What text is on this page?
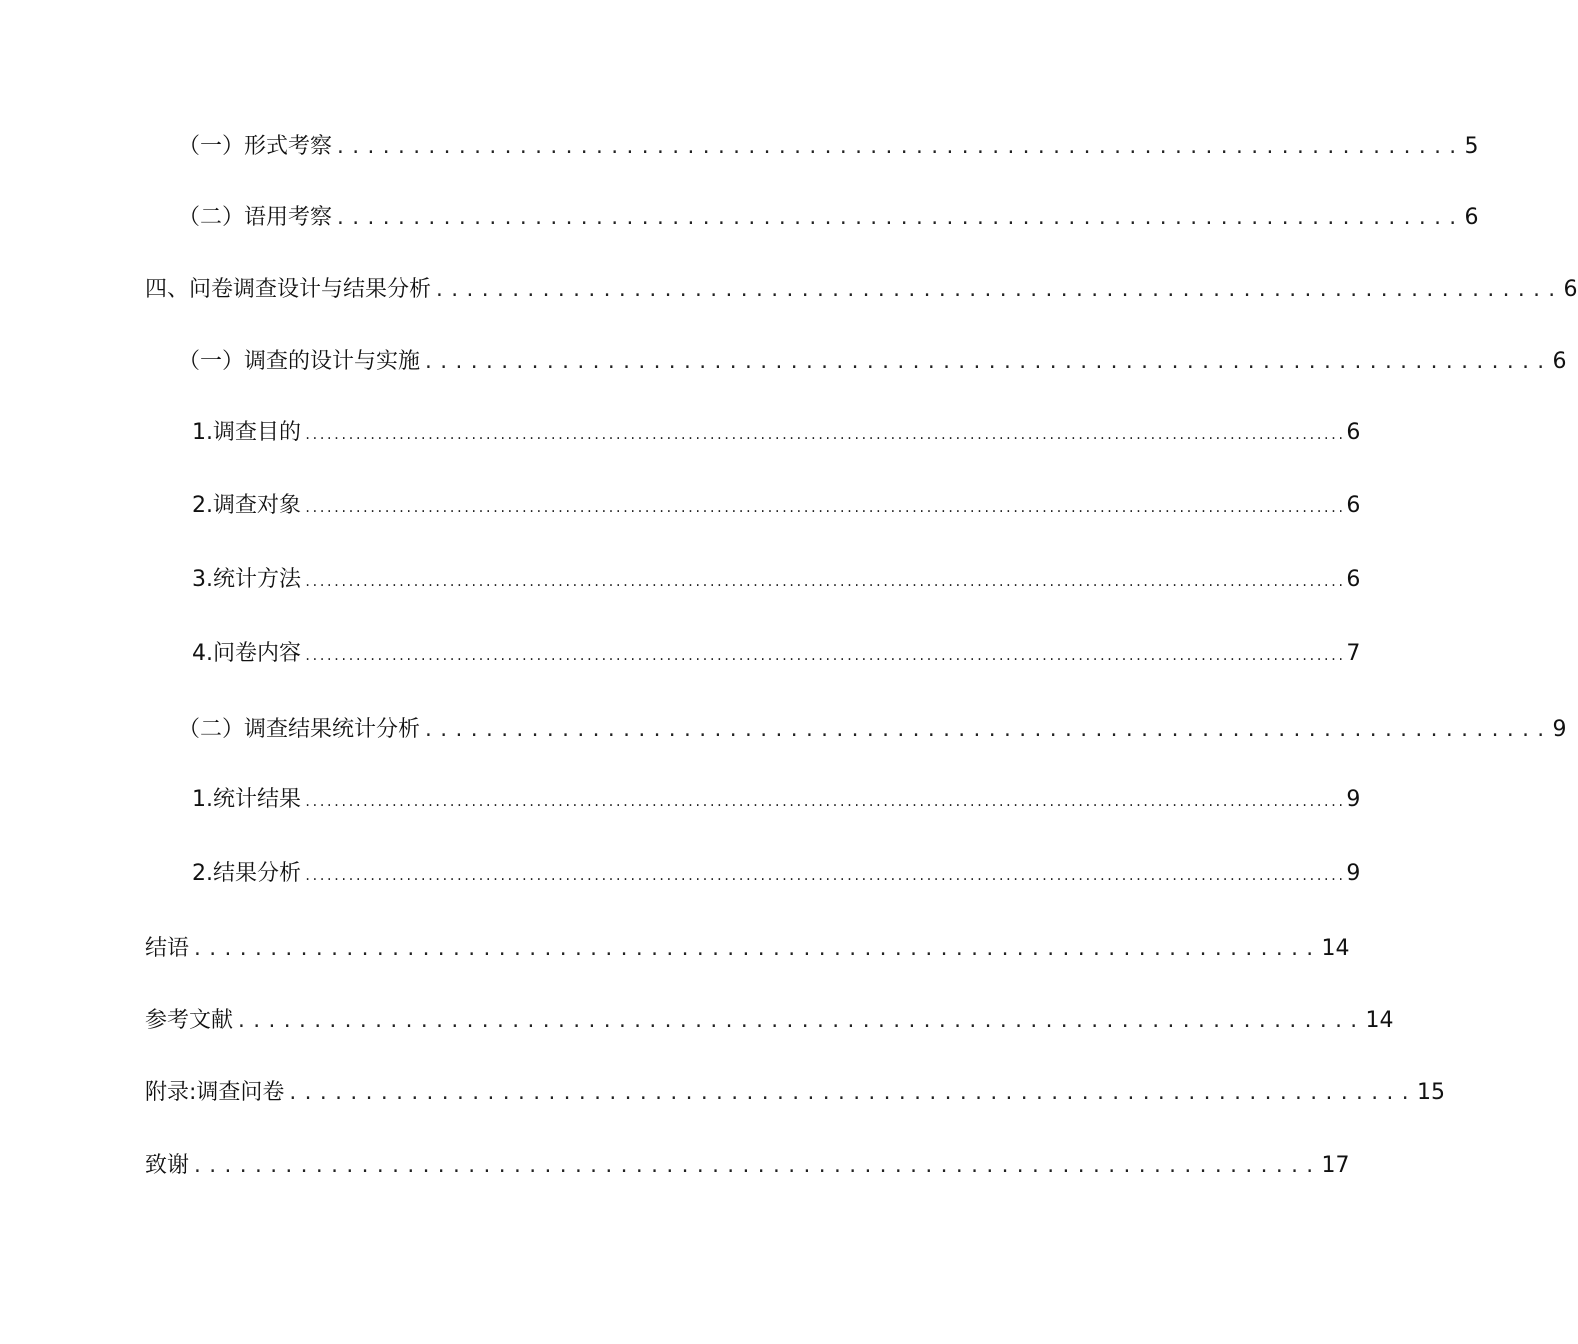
（一）形式考察 .......................................................................... 5
（二）语用考察 .......................................................................... 6
四、问卷调查设计与结果分析 .......................................................................... 6
（一）调查的设计与实施 .......................................................................... 6
1.调查目的 ................................................................................................................................................ 6
2.调查对象 ................................................................................................................................................ 6
3.统计方法 ................................................................................................................................................ 6
4.问卷内容 ................................................................................................................................................ 7
（二）调查结果统计分析 .......................................................................... 9
1.统计结果 ................................................................................................................................................ 9
2.结果分析 ................................................................................................................................................ 9
结语 .......................................................................... 14
参考文献 .......................................................................... 14
附录:调查问卷 .......................................................................... 15
致谢 .......................................................................... 17
